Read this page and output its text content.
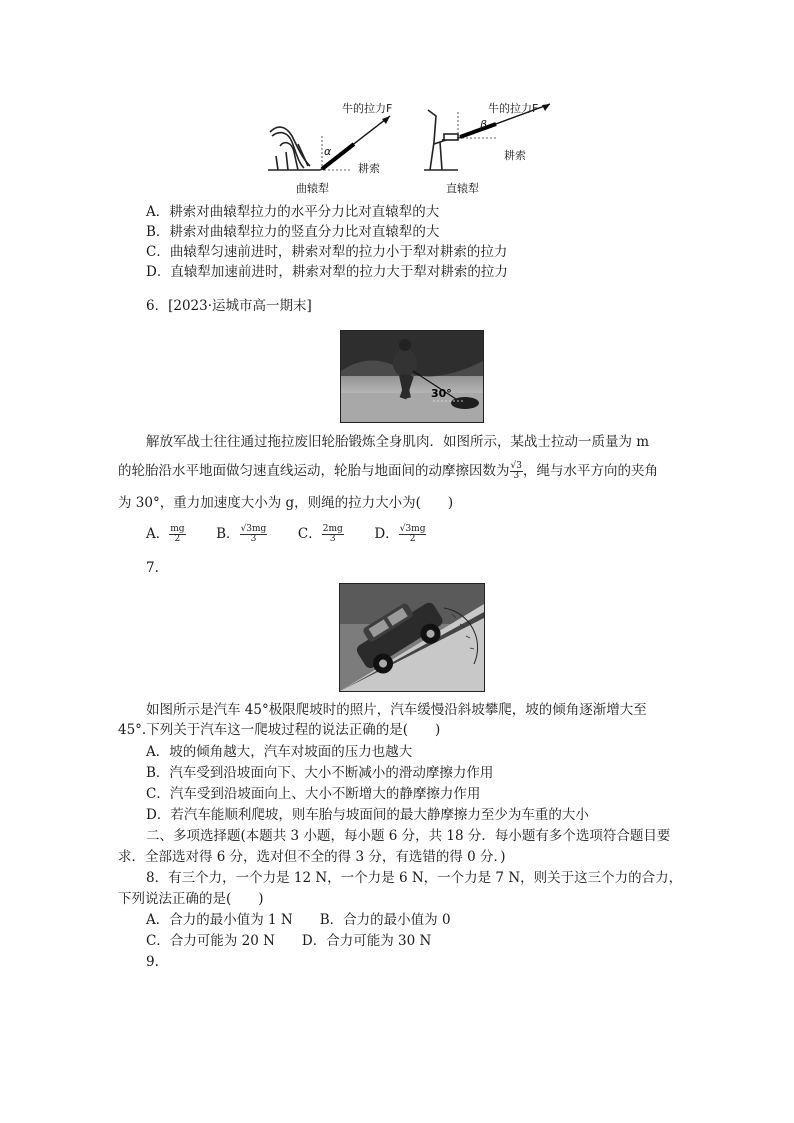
牛的拉力F
α
耕索
曲辕犁
牛的拉力F
β
耕索
直辕犁
A．耕索对曲辕犁拉力的水平分力比对直辕犁的大
B．耕索对曲辕犁拉力的竖直分力比对直辕犁的大
C．曲辕犁匀速前进时，耕索对犁的拉力小于犁对耕索的拉力
D．直辕犁加速前进时，耕索对犁的拉力大于犁对耕索的拉力
6．[2023·运城市高一期末]
30°
解放军战士往往通过拖拉废旧轮胎锻炼全身肌肉．如图所示，某战士拉动一质量为 m
的轮胎沿水平地面做匀速直线运动，轮胎与地面间的动摩擦因数为 $\frac{√3}{3}$ ，绳与水平方向的夹角
为 30°，重力加速度大小为 g，则绳的拉力大小为(　　)
A． $\frac{mg}{2}$ B． $\frac{√3mg}{3}$ C． $\frac{2mg}{3}$ D． $\frac{√3mg}{2}$
7.
如图所示是汽车 45°极限爬坡时的照片，汽车缓慢沿斜坡攀爬，坡的倾角逐渐增大至
45°.下列关于汽车这一爬坡过程的说法正确的是(　　)
A．坡的倾角越大，汽车对坡面的压力也越大
B．汽车受到沿坡面向下、大小不断减小的滑动摩擦力作用
C．汽车受到沿坡面向上、大小不断增大的静摩擦力作用
D．若汽车能顺利爬坡，则车胎与坡面间的最大静摩擦力至少为车重的大小
二、多项选择题(本题共 3 小题，每小题 6 分，共 18 分．每小题有多个选项符合题目要
求．全部选对得 6 分，选对但不全的得 3 分，有选错的得 0 分．)
8．有三个力，一个力是 12 N，一个力是 6 N，一个力是 7 N，则关于这三个力的合力，
下列说法正确的是(　　)
A．合力的最小值为 1 N　　B．合力的最小值为 0
C．合力可能为 20 N　　D．合力可能为 30 N
9.
